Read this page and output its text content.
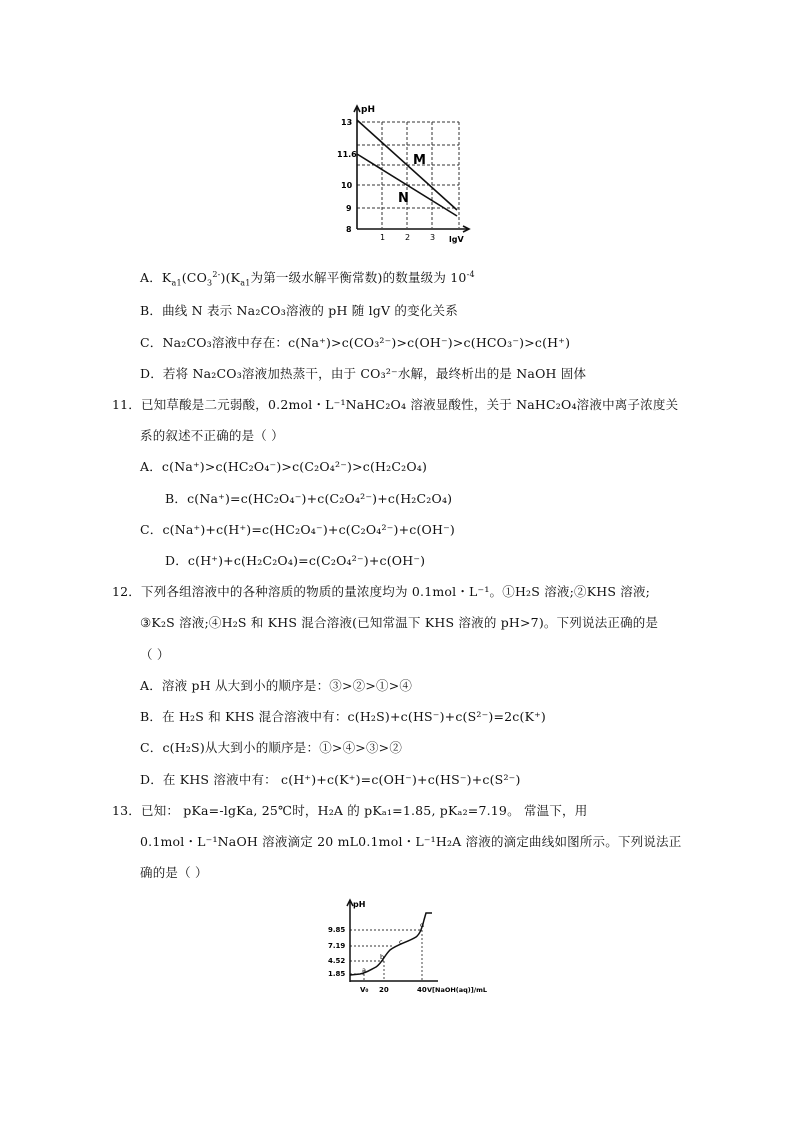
pH
lgV
13
11.6
10
9
8
1 2 3
M
N
A．$K_{a1}(CO_3^{2-})(K_{a1}$为第一级水解平衡常数)的数量级为 $10^{-4}$
B．曲线 N 表示 Na₂CO₃溶液的 pH 随 lgV 的变化关系
C．Na₂CO₃溶液中存在：c(Na⁺)>c(CO₃²⁻)>c(OH⁻)>c(HCO₃⁻)>c(H⁺)
D．若将 Na₂CO₃溶液加热蒸干，由于 CO₃²⁻水解，最终析出的是 NaOH 固体
11．已知草酸是二元弱酸，0.2mol・L⁻¹NaHC₂O₄ 溶液显酸性，关于 NaHC₂O₄溶液中离子浓度关
系的叙述不正确的是（ ）
A．c(Na⁺)>c(HC₂O₄⁻)>c(C₂O₄²⁻)>c(H₂C₂O₄)
B．c(Na⁺)=c(HC₂O₄⁻)+c(C₂O₄²⁻)+c(H₂C₂O₄)
C．c(Na⁺)+c(H⁺)=c(HC₂O₄⁻)+c(C₂O₄²⁻)+c(OH⁻)
D．c(H⁺)+c(H₂C₂O₄)=c(C₂O₄²⁻)+c(OH⁻)
12．下列各组溶液中的各种溶质的物质的量浓度均为 0.1mol・L⁻¹。①H₂S 溶液;②KHS 溶液;
③K₂S 溶液;④H₂S 和 KHS 混合溶液(已知常温下 KHS 溶液的 pH>7)。下列说法正确的是
（ ）
A．溶液 pH 从大到小的顺序是：③>②>①>④
B．在 H₂S 和 KHS 混合溶液中有：c(H₂S)+c(HS⁻)+c(S²⁻)=2c(K⁺)
C．c(H₂S)从大到小的顺序是：①>④>③>②
D．在 KHS 溶液中有： c(H⁺)+c(K⁺)=c(OH⁻)+c(HS⁻)+c(S²⁻)
13．已知： pKa=-lgKa, 25℃时，H₂A 的 pKₐ₁=1.85, pKₐ₂=7.19。 常温下，用
0.1mol・L⁻¹NaOH 溶液滴定 20 mL0.1mol・L⁻¹H₂A 溶液的滴定曲线如图所示。下列说法正
确的是（ ）
pH
9.85
7.19
4.52
1.85
V₀ 20	40 V[NaOH(aq)]/mL
a
b
c
d
